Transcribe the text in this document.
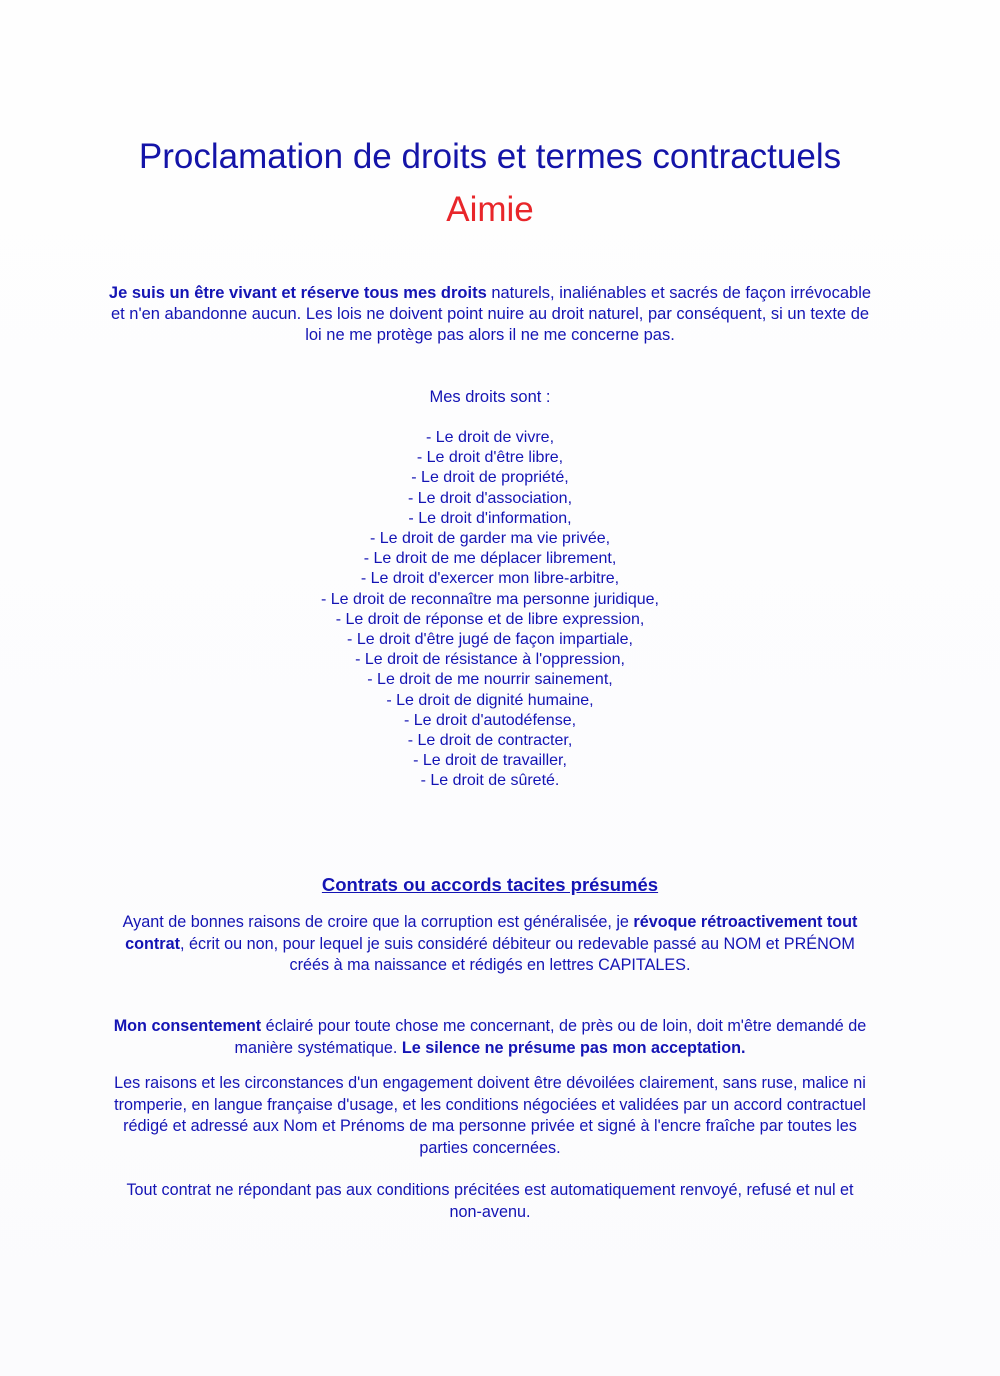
Proclamation de droits et termes contractuels Aimie
Je suis un être vivant et réserve tous mes droits naturels, inaliénables et sacrés de façon irrévocable et n'en abandonne aucun. Les lois ne doivent point nuire au droit naturel, par conséquent, si un texte de loi ne me protège pas alors il ne me concerne pas.
Mes droits sont :
- Le droit de vivre,
- Le droit d'être libre,
- Le droit de propriété,
- Le droit d'association,
- Le droit d'information,
- Le droit de garder ma vie privée,
- Le droit de me déplacer librement,
- Le droit d'exercer mon libre-arbitre,
- Le droit de reconnaître ma personne juridique,
- Le droit de réponse et de libre expression,
- Le droit d'être jugé de façon impartiale,
- Le droit de résistance à l'oppression,
- Le droit de me nourrir sainement,
- Le droit de dignité humaine,
- Le droit d'autodéfense,
- Le droit de contracter,
- Le droit de travailler,
- Le droit de sûreté.
Contrats ou accords tacites présumés
Ayant de bonnes raisons de croire que la corruption est généralisée, je révoque rétroactivement tout contrat, écrit ou non, pour lequel je suis considéré débiteur ou redevable passé au NOM et PRÉNOM créés à ma naissance et rédigés en lettres CAPITALES.
Mon consentement éclairé pour toute chose me concernant, de près ou de loin, doit m'être demandé de manière systématique. Le silence ne présume pas mon acceptation.
Les raisons et les circonstances d'un engagement doivent être dévoilées clairement, sans ruse, malice ni tromperie, en langue française d'usage, et les conditions négociées et validées par un accord contractuel rédigé et adressé aux Nom et Prénoms de ma personne privée et signé à l'encre fraîche par toutes les parties concernées.
Tout contrat ne répondant pas aux conditions précitées est automatiquement renvoyé, refusé et nul et non-avenu.
